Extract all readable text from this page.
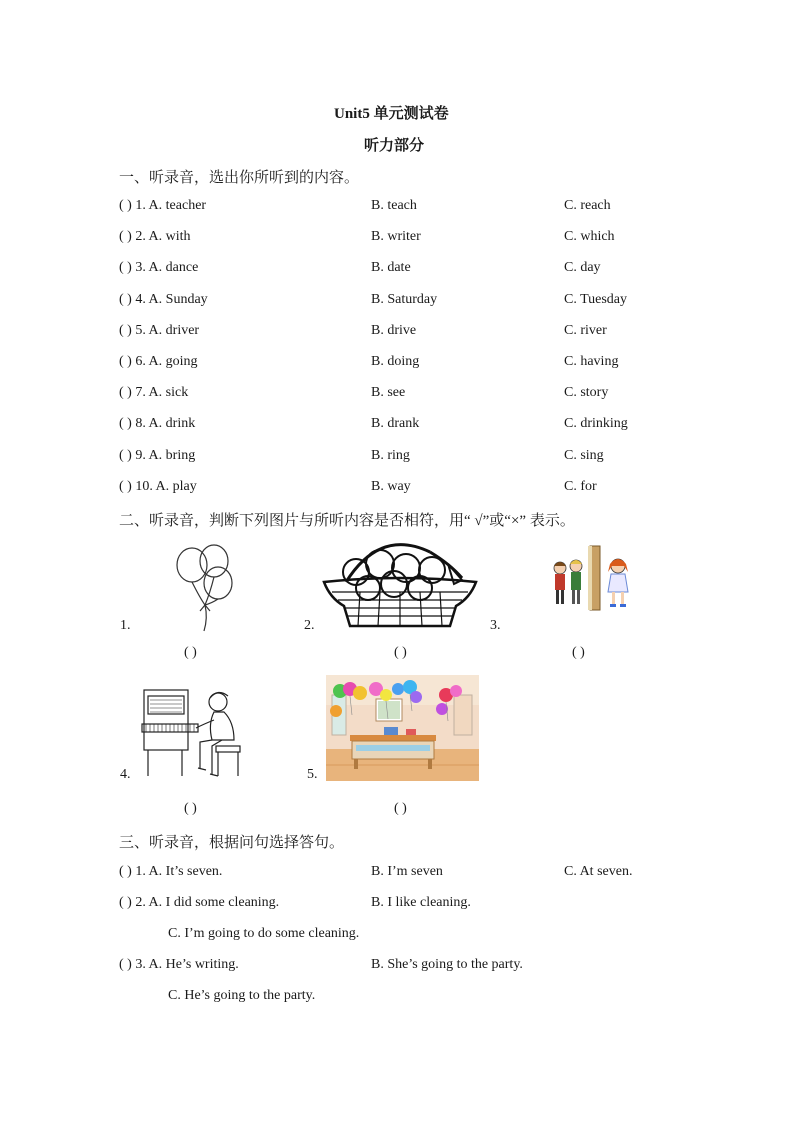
Unit5 单元测试卷
听力部分
一、听录音，选出你所听到的内容。
( ) 1. A. teacher	B. teach	C. reach
( ) 2. A. with	B. writer	C. which
( ) 3. A. dance	B. date	C. day
( ) 4. A. Sunday	B. Saturday	C. Tuesday
( ) 5. A. driver	B. drive	C. river
( ) 6. A. going	B. doing	C. having
( ) 7. A. sick	B. see	C. story
( ) 8. A. drink	B. drank	C. drinking
( ) 9. A. bring	B. ring	C. sing
( ) 10. A. play	B. way	C. for
二、听录音，判断下列图片与所听内容是否相符，用“ √”或“×” 表示。
1.
( )
2.
( )
3.
( )
4.
( )
5.
( )
三、听录音，根据问句选择答句。
( ) 1. A. It’s seven.	B. I’m seven	C. At seven.
( ) 2. A. I did some cleaning.	B. I like cleaning.
C. I’m going to do some cleaning.
( ) 3. A. He’s writing.	B. She’s going to the party.
C. He’s going to the party.
